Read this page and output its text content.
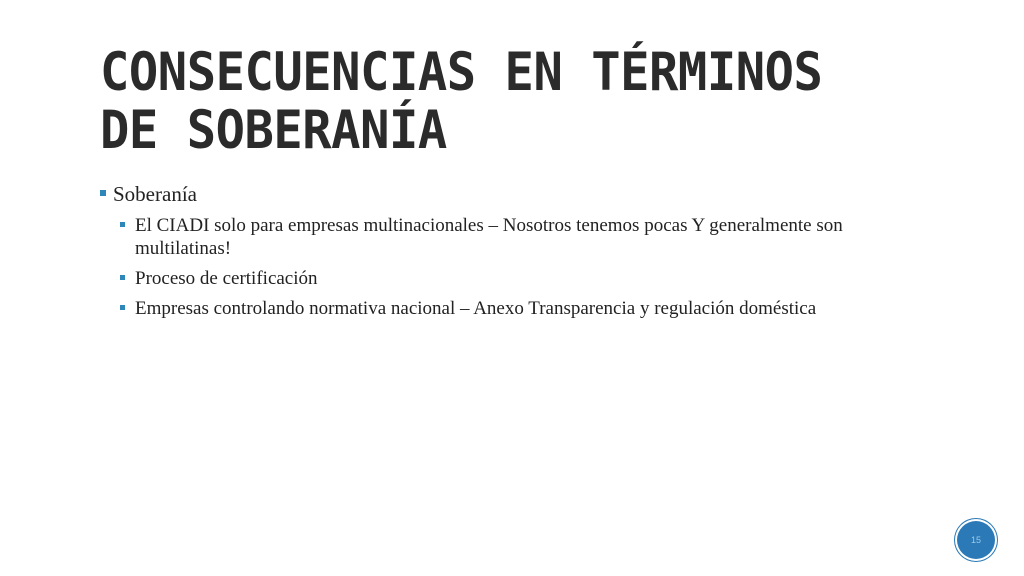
CONSECUENCIAS EN TÉRMINOS DE SOBERANÍA
Soberanía
El CIADI solo para empresas multinacionales – Nosotros tenemos pocas Y generalmente son multilatinas!
Proceso de certificación
Empresas controlando normativa nacional – Anexo Transparencia y regulación doméstica
15
